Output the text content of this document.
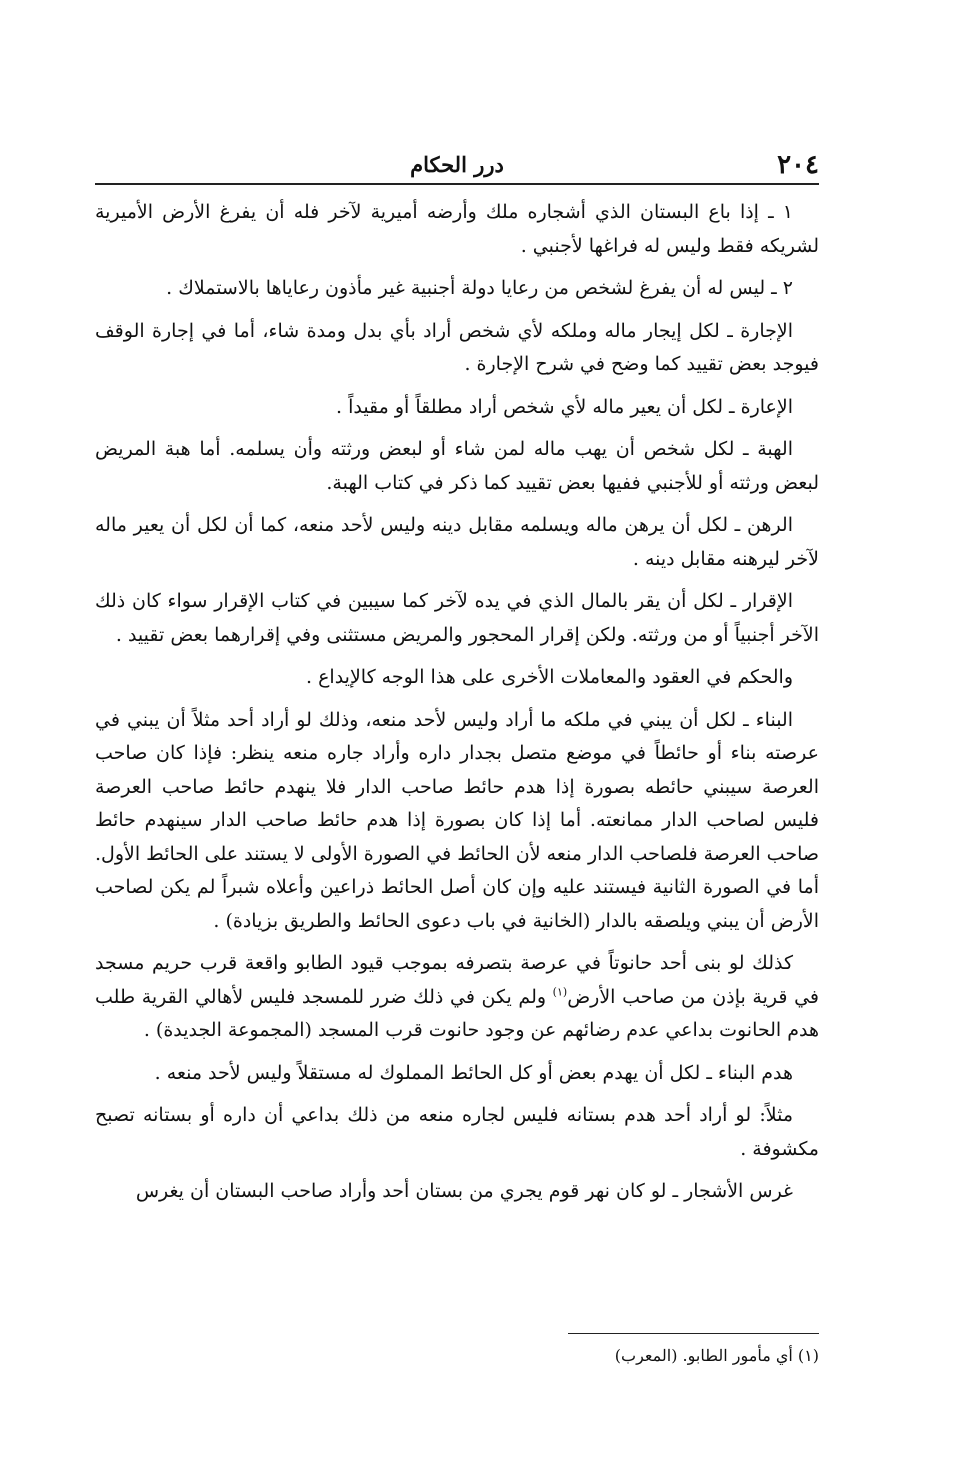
٢٠٤
درر الحكام

١ ـ إذا باع البستان الذي أشجاره ملك وأرضه أميرية لآخر فله أن يفرغ الأرض الأميرية لشريكه فقط وليس له فراغها لأجنبي .

٢ ـ ليس له أن يفرغ لشخص من رعايا دولة أجنبية غير مأذون رعاياها بالاستملاك .

الإجارة ـ لكل إيجار ماله وملكه لأي شخص أراد بأي بدل ومدة شاء، أما في إجارة الوقف فيوجد بعض تقييد كما وضح في شرح الإجارة .

الإعارة ـ لكل أن يعير ماله لأي شخص أراد مطلقاً أو مقيداً .

الهبة ـ لكل شخص أن يهب ماله لمن شاء أو لبعض ورثته وأن يسلمه. أما هبة المريض لبعض ورثته أو للأجنبي ففيها بعض تقييد كما ذكر في كتاب الهبة.

الرهن ـ لكل أن يرهن ماله ويسلمه مقابل دينه وليس لأحد منعه، كما أن لكل أن يعير ماله لآخر ليرهنه مقابل دينه .

الإقرار ـ لكل أن يقر بالمال الذي في يده لآخر كما سيبين في كتاب الإقرار سواء كان ذلك الآخر أجنبياً أو من ورثته. ولكن إقرار المحجور والمريض مستثنى وفي إقرارهما بعض تقييد .

والحكم في العقود والمعاملات الأخرى على هذا الوجه كالإيداع .

البناء ـ لكل أن يبني في ملكه ما أراد وليس لأحد منعه، وذلك لو أراد أحد مثلاً أن يبني في عرصته بناء أو حائطاً في موضع متصل بجدار داره وأراد جاره منعه ينظر: فإذا كان صاحب العرصة سيبني حائطه بصورة إذا هدم حائط صاحب الدار فلا ينهدم حائط صاحب العرصة فليس لصاحب الدار ممانعته. أما إذا كان بصورة إذا هدم حائط صاحب الدار سينهدم حائط صاحب العرصة فلصاحب الدار منعه لأن الحائط في الصورة الأولى لا يستند على الحائط الأول. أما في الصورة الثانية فيستند عليه وإن كان أصل الحائط ذراعين وأعلاه شبراً لم يكن لصاحب الأرض أن يبني ويلصقه بالدار (الخانية في باب دعوى الحائط والطريق بزيادة) .

كذلك لو بنى أحد حانوتاً في عرصة بتصرفه بموجب قيود الطابو واقعة قرب حريم مسجد في قرية بإذن من صاحب الأرض$^{(١)}$ ولم يكن في ذلك ضرر للمسجد فليس لأهالي القرية طلب هدم الحانوت بداعي عدم رضائهم عن وجود حانوت قرب المسجد (المجموعة الجديدة) .

هدم البناء ـ لكل أن يهدم بعض أو كل الحائط المملوك له مستقلاً وليس لأحد منعه .

مثلاً: لو أراد أحد هدم بستانه فليس لجاره منعه من ذلك بداعي أن داره أو بستانه تصبح مكشوفة .

غرس الأشجار ـ لو كان نهر قوم يجري من بستان أحد وأراد صاحب البستان أن يغرس

(١) أي مأمور الطابو. (المعرب)
